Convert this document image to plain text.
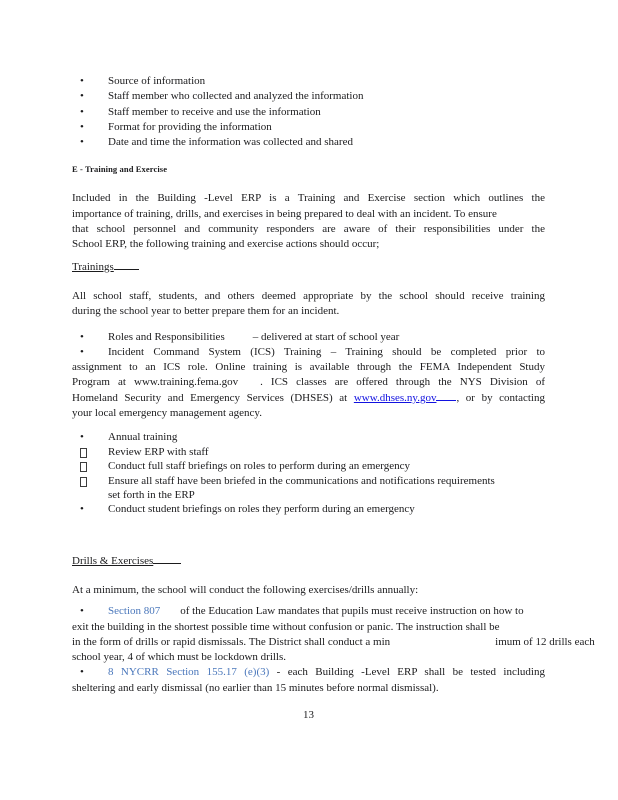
• Source of information
• Staff member who collected and analyzed the information
• Staff member to receive and use the information
• Format for providing the information
• Date and time the information was collected and shared
E - Training and Exercise
Included in the Building -Level ERP is a Training and Exercise section which outlines the
importance of training, drills, and exercises in being prepared to deal with an incident. To ensure
that school personnel and community responders are aware of their responsibilities under the
School ERP, the following training and exercise actions should occur;
Trainings
All school staff, students, and others deemed appropriate by the school should receive training
during the school year to better prepare them for an incident.
• Roles and Responsibilities	– delivered at start of school year
• Incident Command System (ICS) Training – Training should be completed prior to
assignment to an ICS role. Online training is available through the FEMA Independent Study
Program at www.training.fema.gov . ICS classes are offered through the NYS Division of
Homeland Security and Emergency Services (DHSES) at www.dhses.ny.gov , or by contacting
your local emergency management agency.
• Annual training
Review ERP with staff
Conduct full staff briefings on roles to perform during an emergency
Ensure all staff have been briefed in the communications and notifications requirements
set forth in the ERP
• Conduct student briefings on roles they perform during an emergency
Drills & Exercises
At a minimum, the school will conduct the following exercises/drills annually:
• Section 807 of the Education Law mandates that pupils must receive instruction on how to
exit the building in the shortest possible time without confusion or panic. The instruction shall be
in the form of drills or rapid dismissals. The District shall conduct a min	imum of 12 drills each
school year, 4 of which must be lockdown drills.
• 8 NYCRR Section 155.17 (e)(3) - each Building -Level ERP shall be tested including
sheltering and early dismissal (no earlier than 15 minutes before normal dismissal).
13
